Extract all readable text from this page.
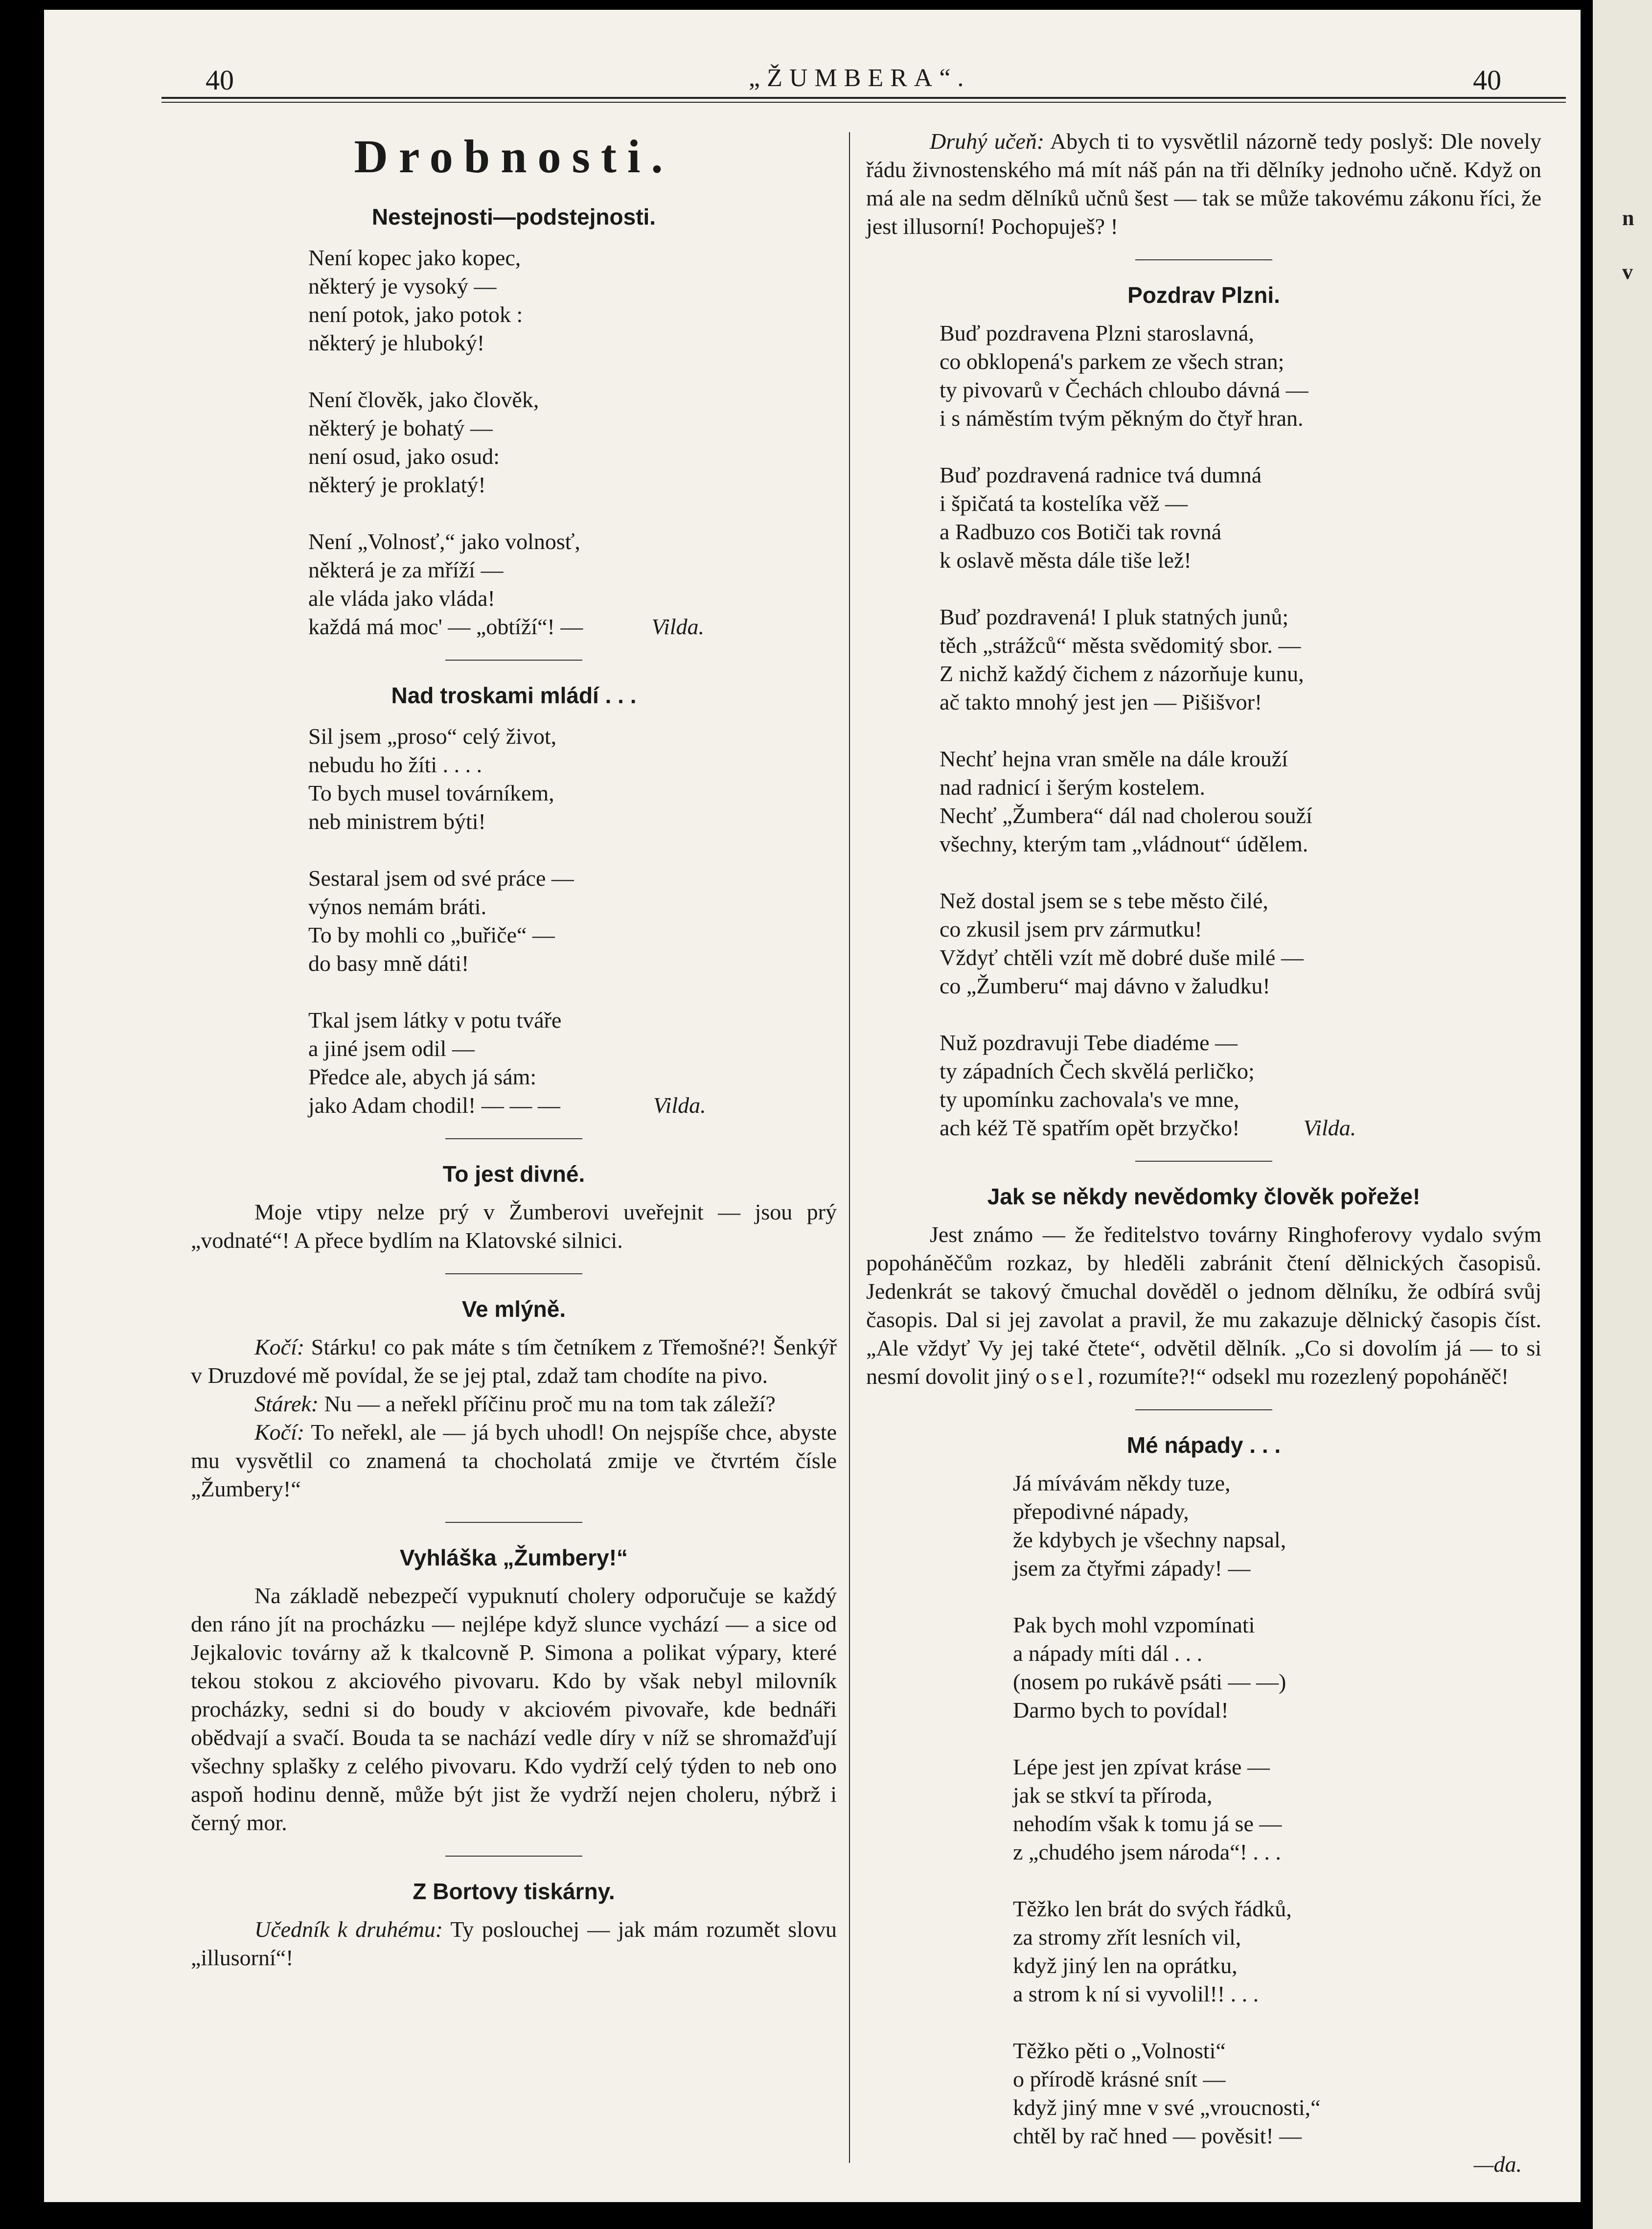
40	„ŽUMBERA“.	40
Drobnosti.
Nestejnosti—podstejnosti.
Není kopec jako kopec,
některý je vysoký —
není potok, jako potok :
některý je hluboký!
Není člověk, jako člověk,
některý je bohatý —
není osud, jako osud:
některý je proklatý!
Není „Volnosť,“ jako volnosť,
některá je za mříží —
ale vláda jako vláda!
každá má moc' — „obtíží“! —	Vilda.
Nad troskami mládí . . .
Sil jsem „proso“ celý život,
nebudu ho žíti . . . .
To bych musel továrníkem,
neb ministrem býti!
Sestaral jsem od své práce —
výnos nemám bráti.
To by mohli co „buřiče“ —
do basy mně dáti!
Tkal jsem látky v potu tváře
a jiné jsem odil —
Předce ale, abych já sám:
jako Adam chodil! — — —	Vilda.
To jest divné.

Moje vtipy nelze prý v Žumberovi uveřejnit — jsou prý „vodnaté“! A přece bydlím na Klatovské silnici.

Ve mlýně.

Kočí: Stárku! co pak máte s tím četníkem z Třemošné?! Šenkýř v Druzdové mě povídal, že se jej ptal, zdaž tam chodíte na pivo.

Stárek: Nu — a neřekl příčinu proč mu na tom tak záleží?

Kočí: To neřekl, ale — já bych uhodl! On nejspíše chce, abyste mu vysvětlil co znamená ta chocholatá zmije ve čtvrtém čísle „Žumbery!“

Vyhláška „Žumbery!“

Na základě nebezpečí vypuknutí cholery odporučuje se každý den ráno jít na procházku — nejlépe když slunce vychází — a sice od Jejkalovic továrny až k tkalcovně P. Simona a polikat výpary, které tekou stokou z akciového pivovaru. Kdo by však nebyl milovník procházky, sedni si do boudy v akciovém pivovaře, kde bednáři obědvají a svačí. Bouda ta se nachází vedle díry v níž se shromažďují všechny splašky z celého pivovaru. Kdo vydrží celý týden to neb ono aspoň hodinu denně, může být jist že vydrží nejen choleru, nýbrž i černý mor.

Z Bortovy tiskárny.

Učedník k druhému: Ty poslouchej — jak mám rozumět slovu „illusorní“!

Druhý učeň: Abych ti to vysvětlil názorně tedy poslyš: Dle novely řádu živnostenského má mít náš pán na tři dělníky jednoho učně. Když on má ale na sedm dělníků učnů šest — tak se může takovému zákonu říci, že jest illusorní! Pochopuješ? !

Pozdrav Plzni.
Buď pozdravena Plzni staroslavná,
co obklopená's parkem ze všech stran;
ty pivovarů v Čechách chloubo dávná —
i s náměstím tvým pěkným do čtyř hran.
Buď pozdravená radnice tvá dumná
i špičatá ta kostelíka věž —
a Radbuzo cos Botiči tak rovná
k oslavě města dále tiše lež!
Buď pozdravená! I pluk statných junů;
těch „strážců“ města svědomitý sbor. —
Z nichž každý čichem z názorňuje kunu,
ač takto mnohý jest jen — Pišišvor!
Nechť hejna vran směle na dále krouží
nad radnicí i šerým kostelem.
Nechť „Žumbera“ dál nad cholerou souží
všechny, kterým tam „vládnout“ údělem.
Než dostal jsem se s tebe město čilé,
co zkusil jsem prv zármutku!
Vždyť chtěli vzít mě dobré duše milé —
co „Žumberu“ maj dávno v žaludku!
Nuž pozdravuji Tebe diadéme —
ty západních Čech skvělá perličko;
ty upomínku zachovala's ve mne,
ach kéž Tě spatřím opět brzyčko!	Vilda.
Jak se někdy nevědomky člověk pořeže!

Jest známo — že ředitelstvo továrny Ringhoferovy vydalo svým popoháněčům rozkaz, by hleděli zabránit čtení dělnických časopisů. Jedenkrát se takový čmuchal dověděl o jednom dělníku, že odbírá svůj časopis. Dal si jej zavolat a pravil, že mu zakazuje dělnický časopis číst. „Ale vždyť Vy jej také čtete“, odvětil dělník. „Co si dovolím já — to si nesmí dovolit jiný osel, rozumíte?!“ odsekl mu rozezlený popoháněč!

Mé nápady . . .
Já mívávám někdy tuze,
přepodivné nápady,
že kdybych je všechny napsal,
jsem za čtyřmi západy! —
Pak bych mohl vzpomínati
a nápady míti dál . . .
(nosem po rukávě psáti — —)
Darmo bych to povídal!
Lépe jest jen zpívat kráse —
jak se stkví ta příroda,
nehodím však k tomu já se —
z „chudého jsem národa“! . . .
Těžko len brát do svých řádků,
za stromy zřít lesních vil,
když jiný len na oprátku,
a strom k ní si vyvolil!! . . .
Těžko pěti o „Volnosti“
o přírodě krásné snít —
když jiný mne v své „vroucnosti,“
chtěl by rač hned — pověsit! —
—da.
n
v
